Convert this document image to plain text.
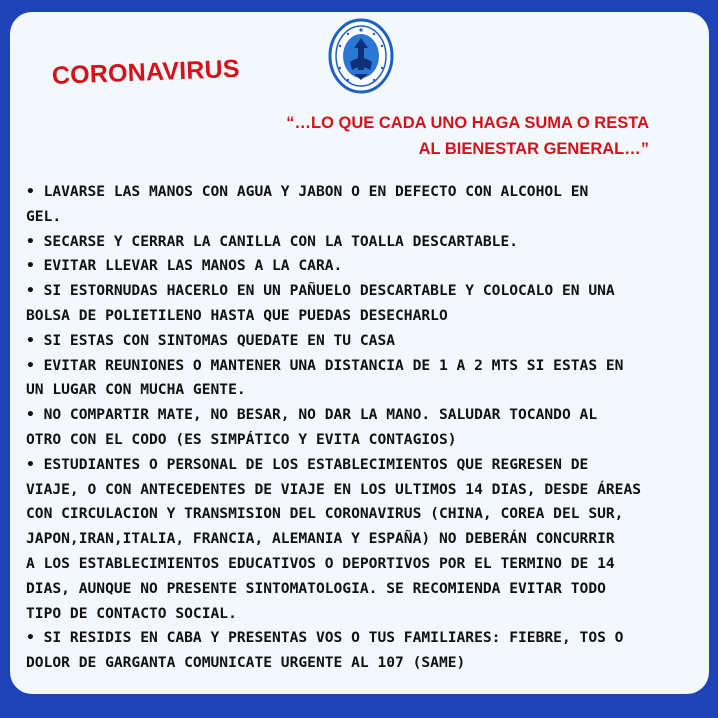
CORONAVIRUS
“…LO QUE CADA UNO HAGA SUMA O RESTA
AL BIENESTAR GENERAL…”
• LAVARSE LAS MANOS CON AGUA Y JABON O EN DEFECTO CON ALCOHOL EN
GEL.
• SECARSE Y CERRAR LA CANILLA CON LA TOALLA DESCARTABLE.
• EVITAR LLEVAR LAS MANOS A LA CARA.
• SI ESTORNUDAS HACERLO EN UN PAÑUELO DESCARTABLE Y COLOCALO EN UNA
BOLSA DE POLIETILENO HASTA QUE PUEDAS DESECHARLO
• SI ESTAS CON SINTOMAS QUEDATE EN TU CASA
• EVITAR REUNIONES O MANTENER UNA DISTANCIA DE 1 A 2 MTS SI ESTAS EN
UN LUGAR CON MUCHA GENTE.
• NO COMPARTIR MATE, NO BESAR, NO DAR LA MANO. SALUDAR TOCANDO AL
OTRO CON EL CODO (ES SIMPÁTICO Y EVITA CONTAGIOS)
• ESTUDIANTES O PERSONAL DE LOS ESTABLECIMIENTOS QUE REGRESEN DE
VIAJE, O CON ANTECEDENTES DE VIAJE EN LOS ULTIMOS 14 DIAS, DESDE ÁREAS
CON CIRCULACION Y TRANSMISION DEL CORONAVIRUS (CHINA, COREA DEL SUR,
JAPON,IRAN,ITALIA, FRANCIA, ALEMANIA Y ESPAÑA) NO DEBERÁN CONCURRIR
A LOS ESTABLECIMIENTOS EDUCATIVOS O DEPORTIVOS POR EL TERMINO DE 14
DIAS, AUNQUE NO PRESENTE SINTOMATOLOGIA. SE RECOMIENDA EVITAR TODO
TIPO DE CONTACTO SOCIAL.
• SI RESIDIS EN CABA Y PRESENTAS VOS O TUS FAMILIARES: FIEBRE, TOS O
DOLOR DE GARGANTA COMUNICATE URGENTE AL 107 (SAME)
